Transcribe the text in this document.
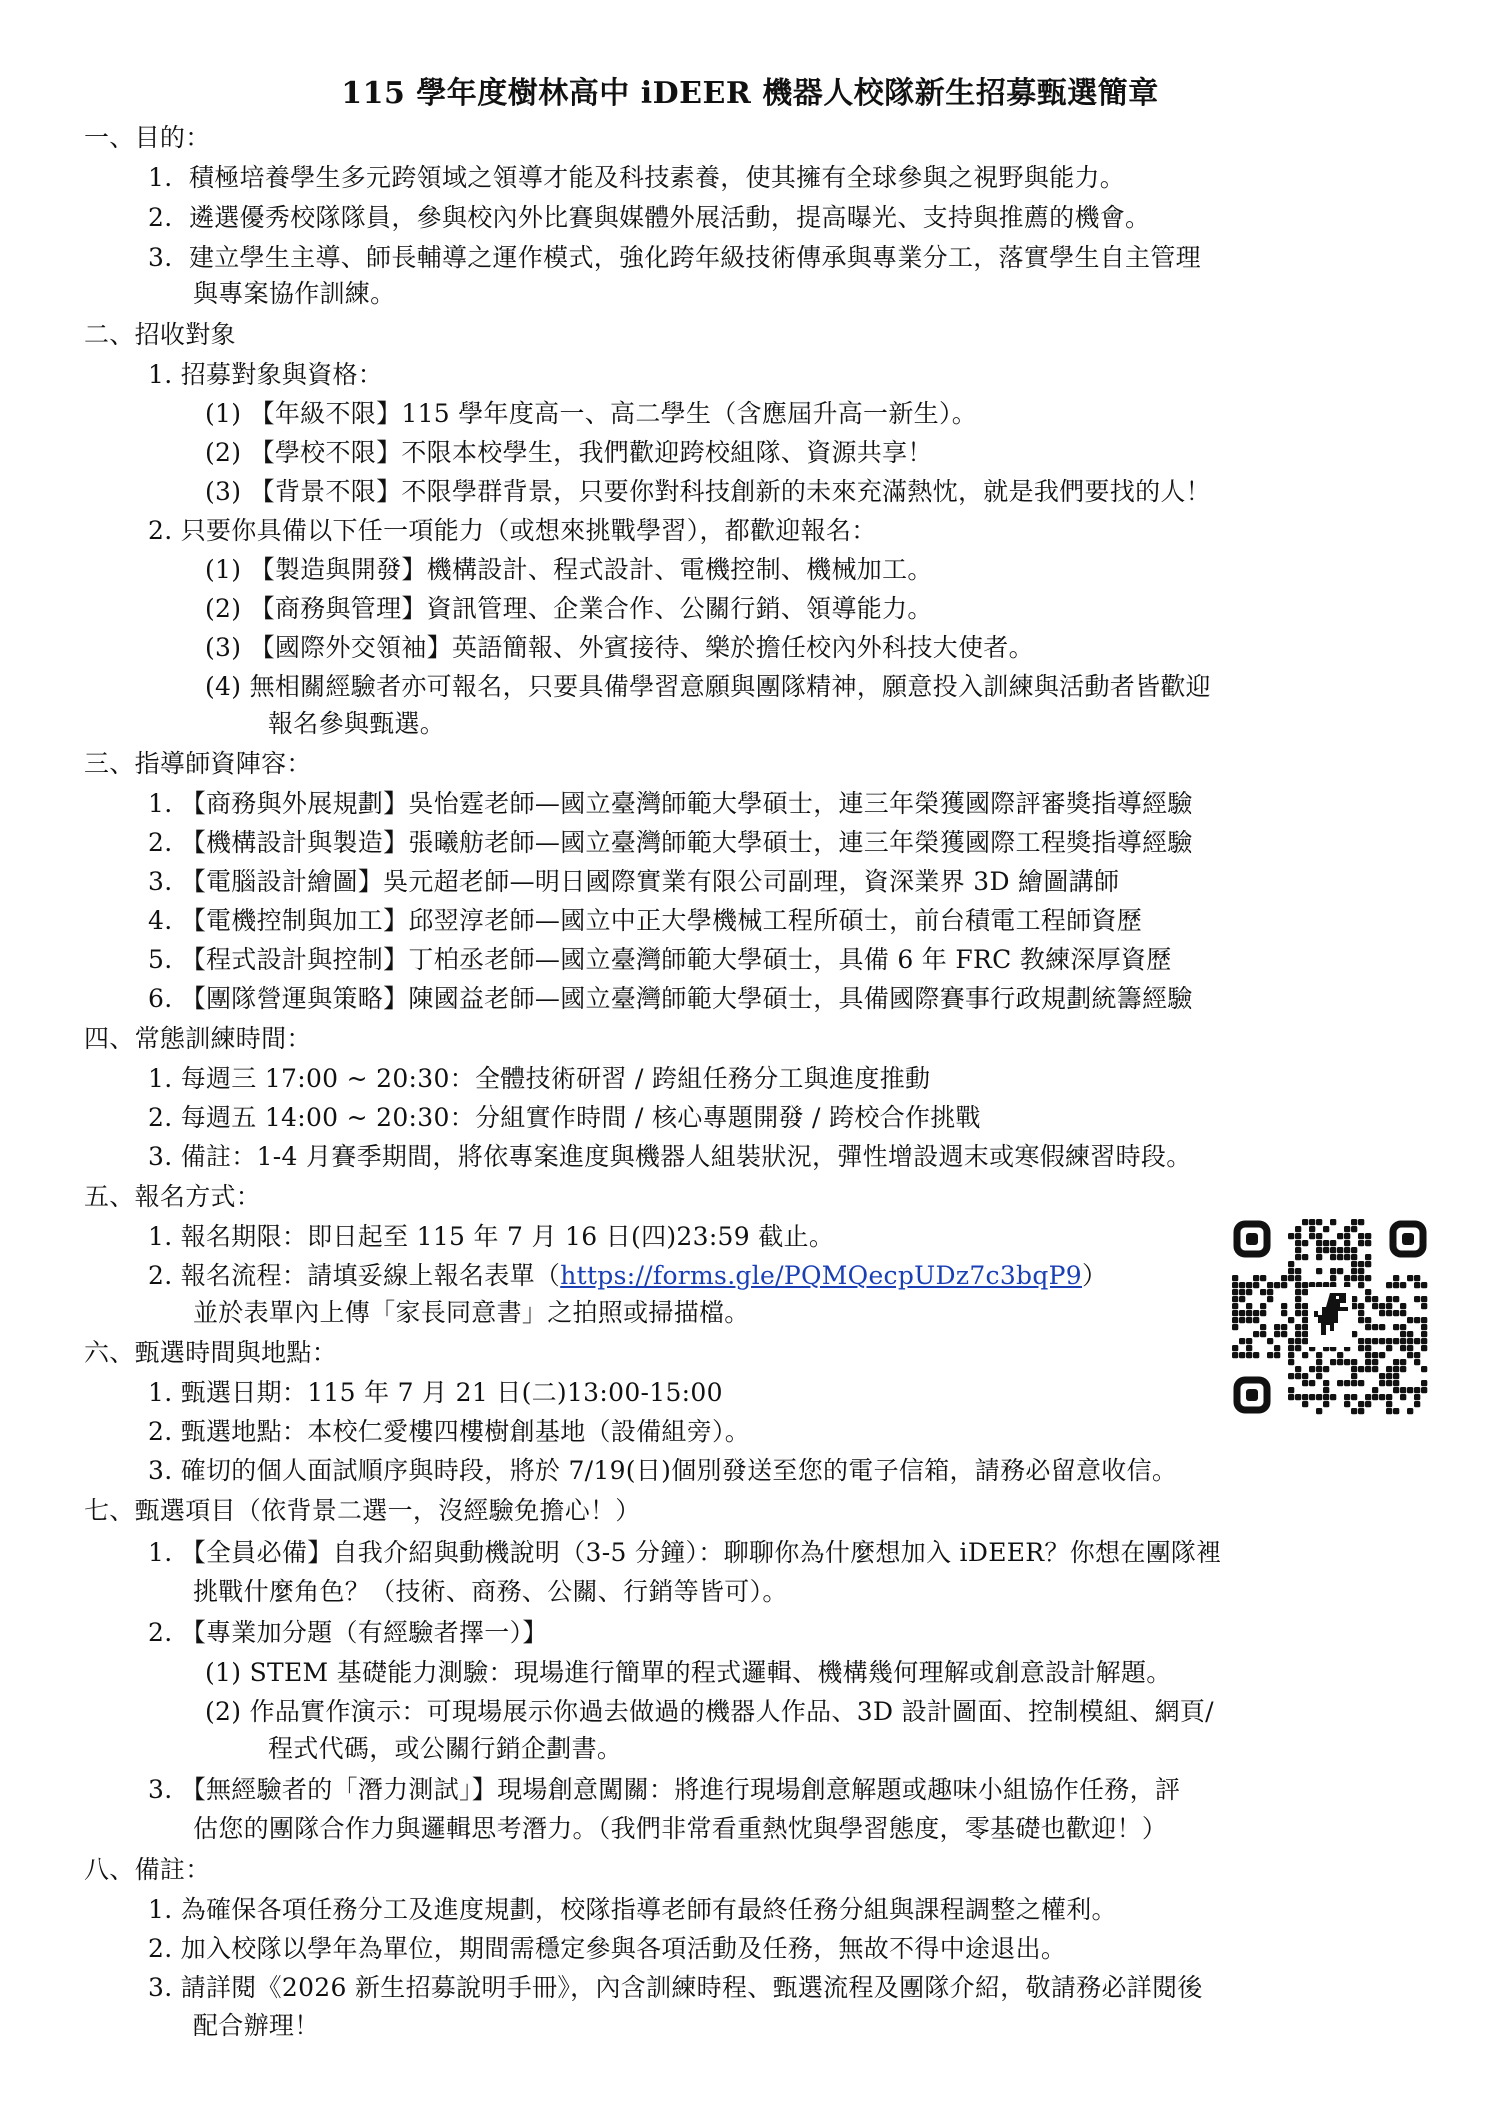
115 學年度樹林高中 iDEER 機器人校隊新生招募甄選簡章
一、目的：
1. 積極培養學生多元跨領域之領導才能及科技素養，使其擁有全球參與之視野與能力。
2. 遴選優秀校隊隊員，參與校內外比賽與媒體外展活動，提高曝光、支持與推薦的機會。
3. 建立學生主導、師長輔導之運作模式，強化跨年級技術傳承與專業分工，落實學生自主管理
與專案協作訓練。
二、招收對象
1. 招募對象與資格：
(1) 【年級不限】115 學年度高一、高二學生（含應屆升高一新生）。
(2) 【學校不限】不限本校學生，我們歡迎跨校組隊、資源共享！
(3) 【背景不限】不限學群背景，只要你對科技創新的未來充滿熱忱，就是我們要找的人！
2. 只要你具備以下任一項能力（或想來挑戰學習），都歡迎報名：
(1) 【製造與開發】機構設計、程式設計、電機控制、機械加工。
(2) 【商務與管理】資訊管理、企業合作、公關行銷、領導能力。
(3) 【國際外交領袖】英語簡報、外賓接待、樂於擔任校內外科技大使者。
(4) 無相關經驗者亦可報名，只要具備學習意願與團隊精神，願意投入訓練與活動者皆歡迎
報名參與甄選。
三、指導師資陣容：
1. 【商務與外展規劃】吳怡霆老師—國立臺灣師範大學碩士，連三年榮獲國際評審獎指導經驗
2. 【機構設計與製造】張曦舫老師—國立臺灣師範大學碩士，連三年榮獲國際工程獎指導經驗
3. 【電腦設計繪圖】吳元超老師—明日國際實業有限公司副理，資深業界 3D 繪圖講師
4. 【電機控制與加工】邱翌淳老師—國立中正大學機械工程所碩士，前台積電工程師資歷
5. 【程式設計與控制】丁柏丞老師—國立臺灣師範大學碩士，具備 6 年 FRC 教練深厚資歷
6. 【團隊營運與策略】陳國益老師—國立臺灣師範大學碩士，具備國際賽事行政規劃統籌經驗
四、常態訓練時間：
1. 每週三 17:00 ~ 20:30：全體技術研習 / 跨組任務分工與進度推動
2. 每週五 14:00 ~ 20:30：分組實作時間 / 核心專題開發 / 跨校合作挑戰
3. 備註：1-4 月賽季期間，將依專案進度與機器人組裝狀況，彈性增設週末或寒假練習時段。
五、報名方式：
1. 報名期限：即日起至 115 年 7 月 16 日(四)23:59 截止。
2. 報名流程：請填妥線上報名表單（https://forms.gle/PQMQecpUDz7c3bqP9）
並於表單內上傳「家長同意書」之拍照或掃描檔。
六、甄選時間與地點：
1. 甄選日期：115 年 7 月 21 日(二)13:00-15:00
2. 甄選地點：本校仁愛樓四樓樹創基地（設備組旁）。
3. 確切的個人面試順序與時段，將於 7/19(日)個別發送至您的電子信箱，請務必留意收信。
七、甄選項目（依背景二選一，沒經驗免擔心！）
1. 【全員必備】自我介紹與動機說明（3-5 分鐘）：聊聊你為什麼想加入 iDEER？你想在團隊裡
挑戰什麼角色？（技術、商務、公關、行銷等皆可）。
2. 【專業加分題（有經驗者擇一）】
(1) STEM 基礎能力測驗：現場進行簡單的程式邏輯、機構幾何理解或創意設計解題。
(2) 作品實作演示：可現場展示你過去做過的機器人作品、3D 設計圖面、控制模組、網頁/
程式代碼，或公關行銷企劃書。
3. 【無經驗者的「潛力測試」】現場創意闖關：將進行現場創意解題或趣味小組協作任務，評
估您的團隊合作力與邏輯思考潛力。（我們非常看重熱忱與學習態度，零基礎也歡迎！）
八、備註：
1. 為確保各項任務分工及進度規劃，校隊指導老師有最終任務分組與課程調整之權利。
2. 加入校隊以學年為單位，期間需穩定參與各項活動及任務，無故不得中途退出。
3. 請詳閱《2026 新生招募說明手冊》，內含訓練時程、甄選流程及團隊介紹，敬請務必詳閱後
配合辦理！
